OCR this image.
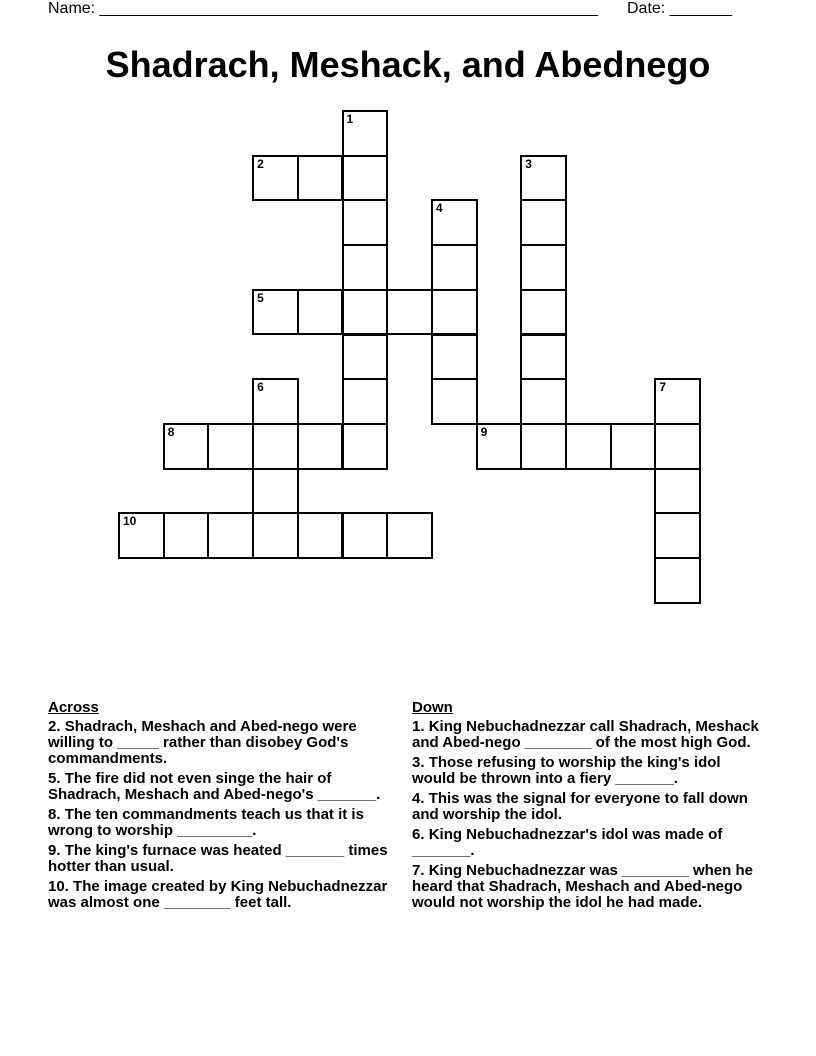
Name: ________________________________________________________ Date: _______
Shadrach, Meshack, and Abednego
1
2	3
4
5
6	7
8	9
10
Across
2. Shadrach, Meshach and Abed-nego were willing to _____ rather than disobey God's commandments.
5. The fire did not even singe the hair of Shadrach, Meshach and Abed-nego's _______.
8. The ten commandments teach us that it is wrong to worship _________.
9. The king's furnace was heated _______ times hotter than usual.
10. The image created by King Nebuchadnezzar was almost one ________ feet tall.
Down
1. King Nebuchadnezzar call Shadrach, Meshack and Abed-nego ________ of the most high God.
3. Those refusing to worship the king's idol would be thrown into a fiery _______.
4. This was the signal for everyone to fall down and worship the idol.
6. King Nebuchadnezzar's idol was made of _______.
7. King Nebuchadnezzar was ________ when he heard that Shadrach, Meshach and Abed-nego would not worship the idol he had made.
